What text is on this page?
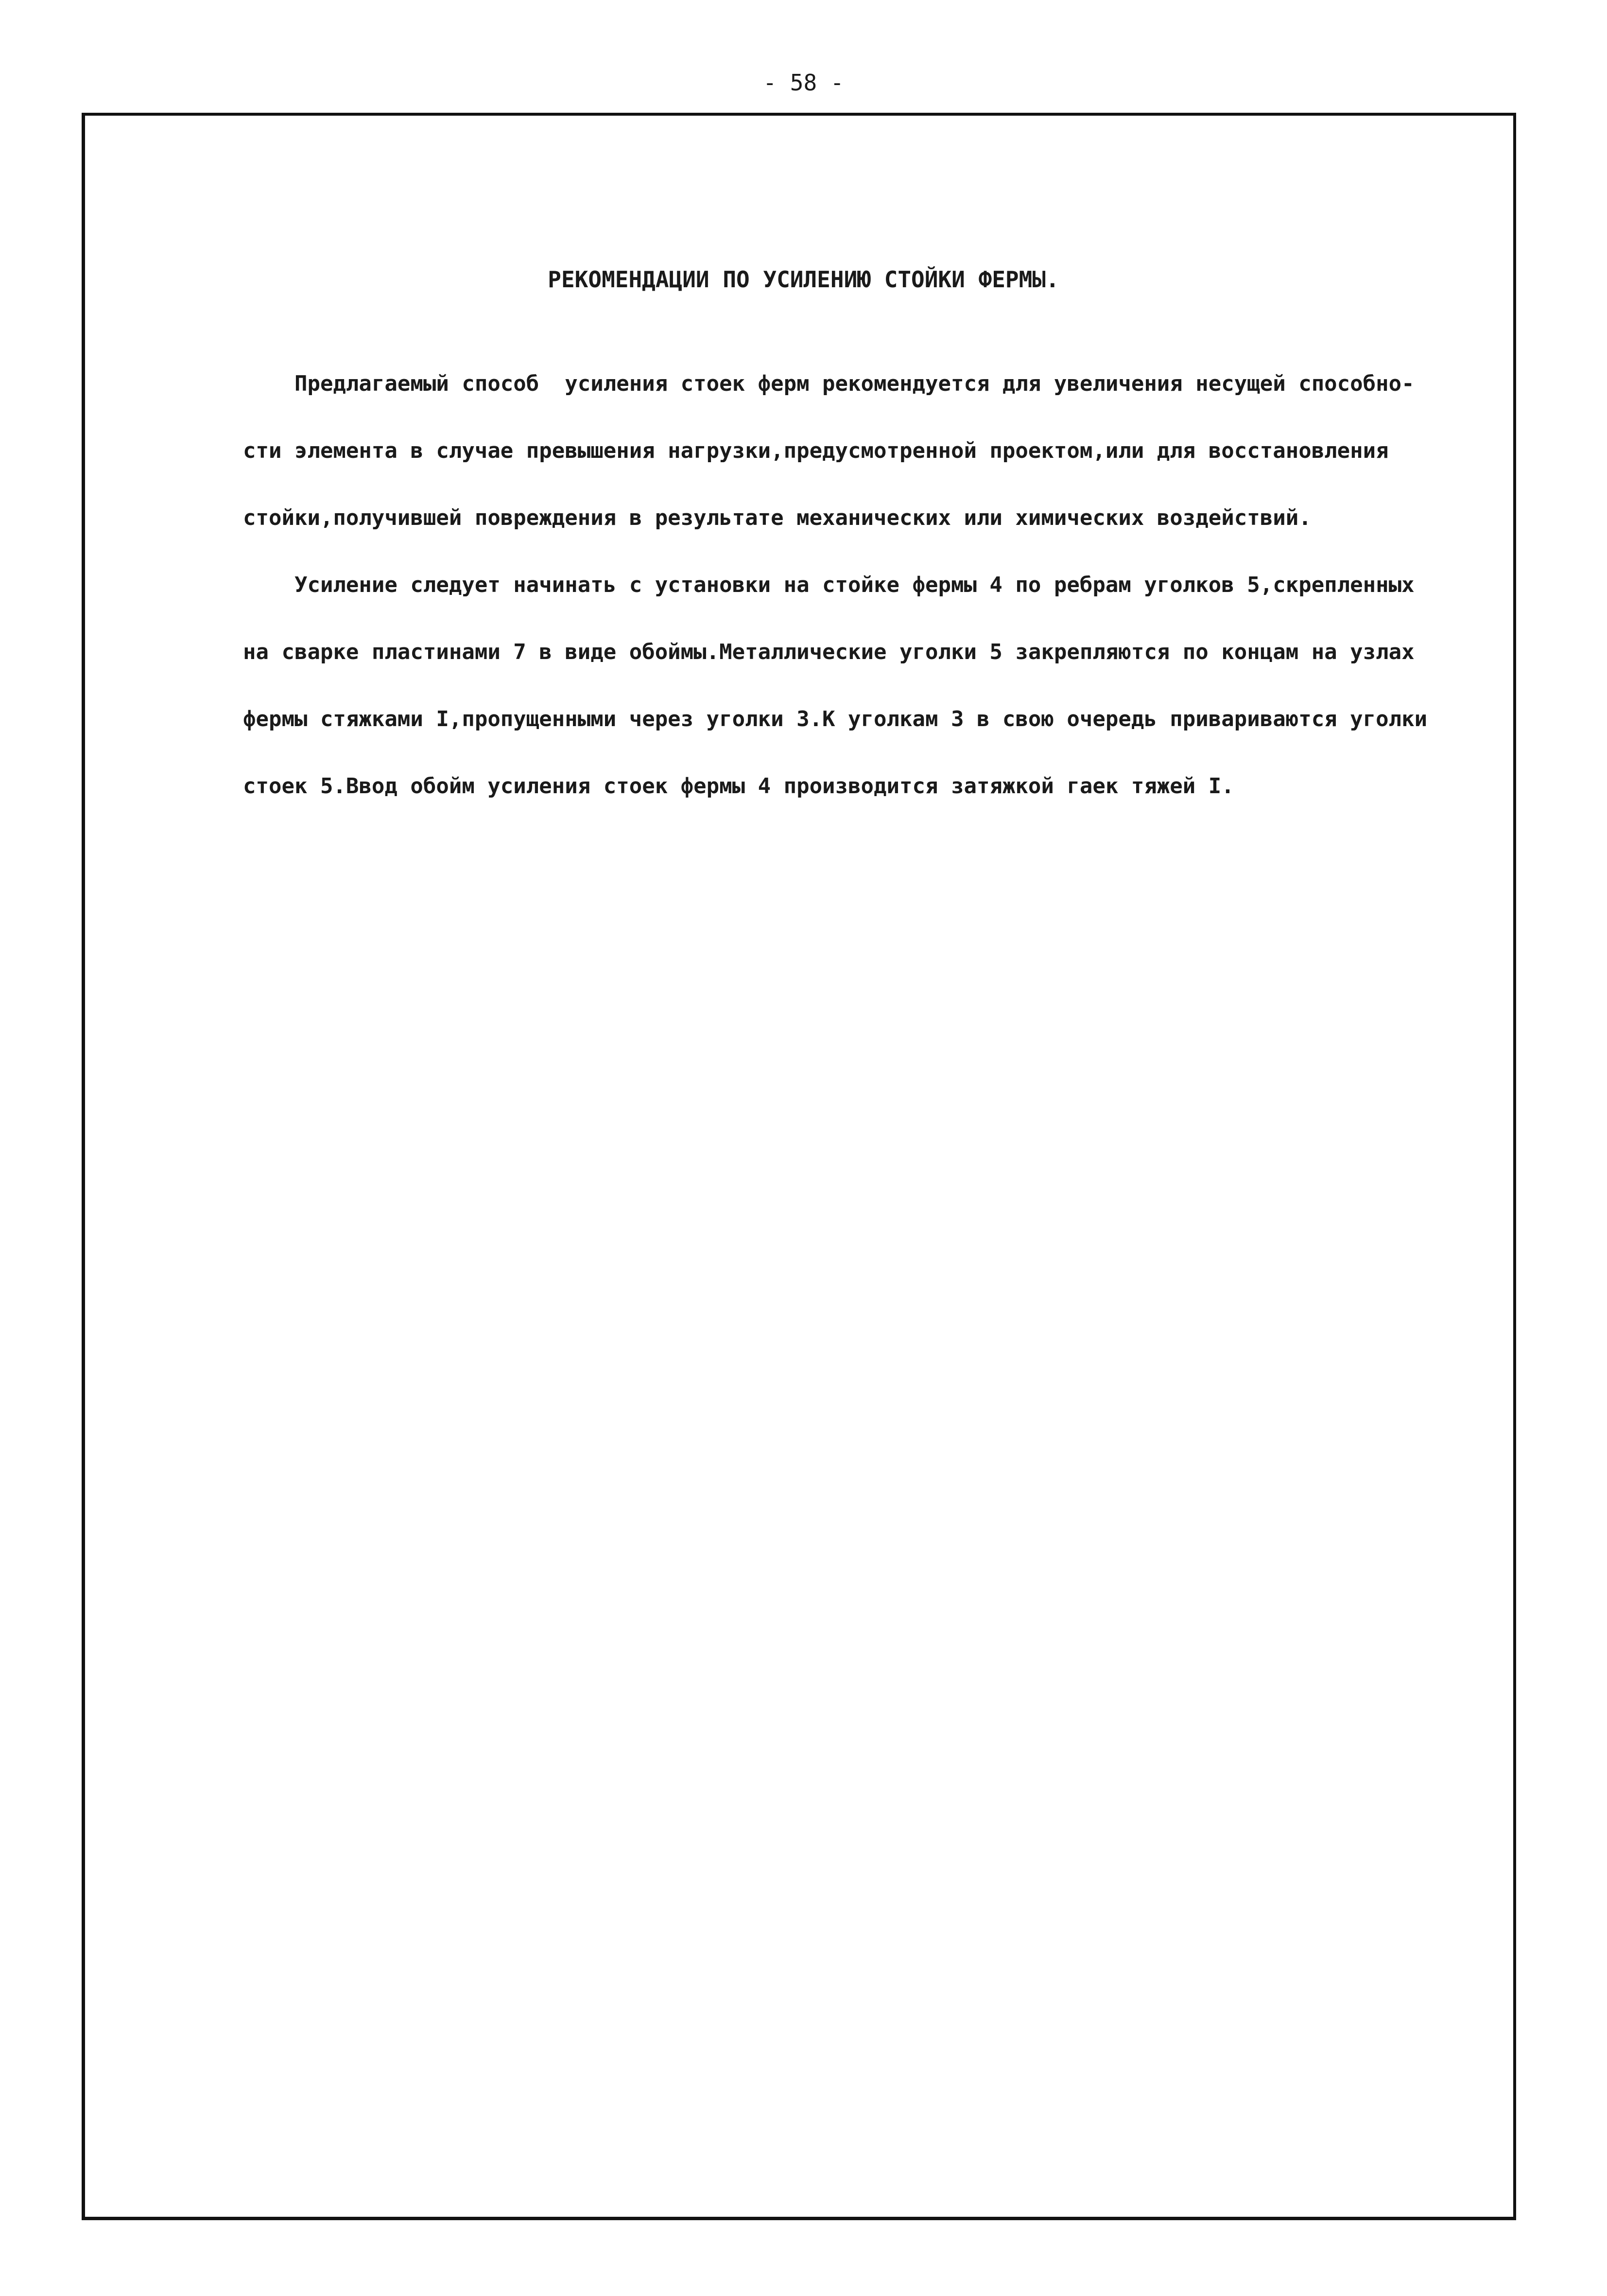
- 58 -
РЕКОМЕНДАЦИИ ПО УСИЛЕНИЮ СТОЙКИ ФЕРМЫ.
Предлагаемый способ  усиления стоек ферм рекомендуется для увеличения несущей способно-
сти элемента в случае превышения нагрузки,предусмотренной проектом,или для восстановления
стойки,получившей повреждения в результате механических или химических воздействий.
Усиление следует начинать с установки на стойке фермы 4 по ребрам уголков 5,скрепленных
на сварке пластинами 7 в виде обоймы.Металлические уголки 5 закрепляются по концам на узлах
фермы стяжками I,пропущенными через уголки 3.К уголкам 3 в свою очередь привариваются уголки
стоек 5.Ввод обойм усиления стоек фермы 4 производится затяжкой гаек тяжей I.
